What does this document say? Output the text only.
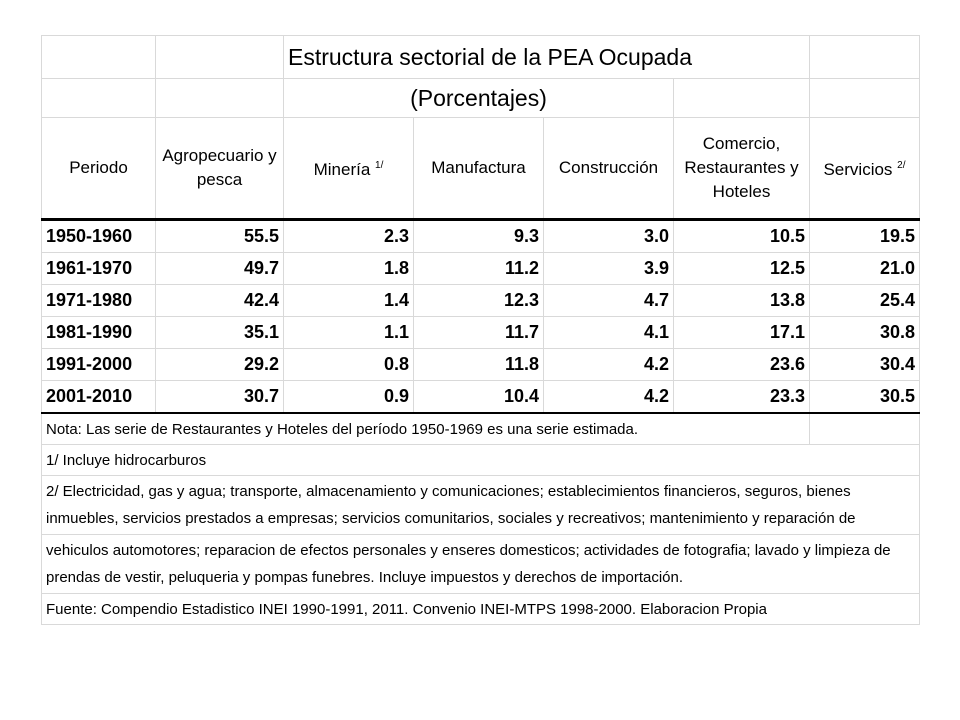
		Estructura sectorial de la PEA Ocupada				
		(Porcentajes)				
Periodo	Agropecuario y pesca	Minería $^{1/}$	Manufactura	Construcción	Comercio, Restaurantes y Hoteles	Servicios $^{2/}$
1950-1960	55.5	2.3	9.3	3.0	10.5	19.5
1961-1970	49.7	1.8	11.2	3.9	12.5	21.0
1971-1980	42.4	1.4	12.3	4.7	13.8	25.4
1981-1990	35.1	1.1	11.7	4.1	17.1	30.8
1991-2000	29.2	0.8	11.8	4.2	23.6	30.4
2001-2010	30.7	0.9	10.4	4.2	23.3	30.5
Nota: Las serie de Restaurantes y Hoteles del período 1950-1969 es una serie estimada.						
1/ Incluye hidrocarburos						
2/ Electricidad, gas y agua; transporte, almacenamiento y comunicaciones; establecimientos financieros, seguros, bienes inmuebles, servicios prestados a empresas; servicios comunitarios, sociales y recreativos; mantenimiento y reparación de						
vehiculos automotores; reparacion de efectos personales y enseres domesticos; actividades de fotografia; lavado y limpieza de prendas de vestir, peluqueria y pompas funebres. Incluye impuestos y derechos de importación.						
Fuente: Compendio Estadistico INEI 1990-1991, 2011. Convenio INEI-MTPS 1998-2000. Elaboracion Propia						
